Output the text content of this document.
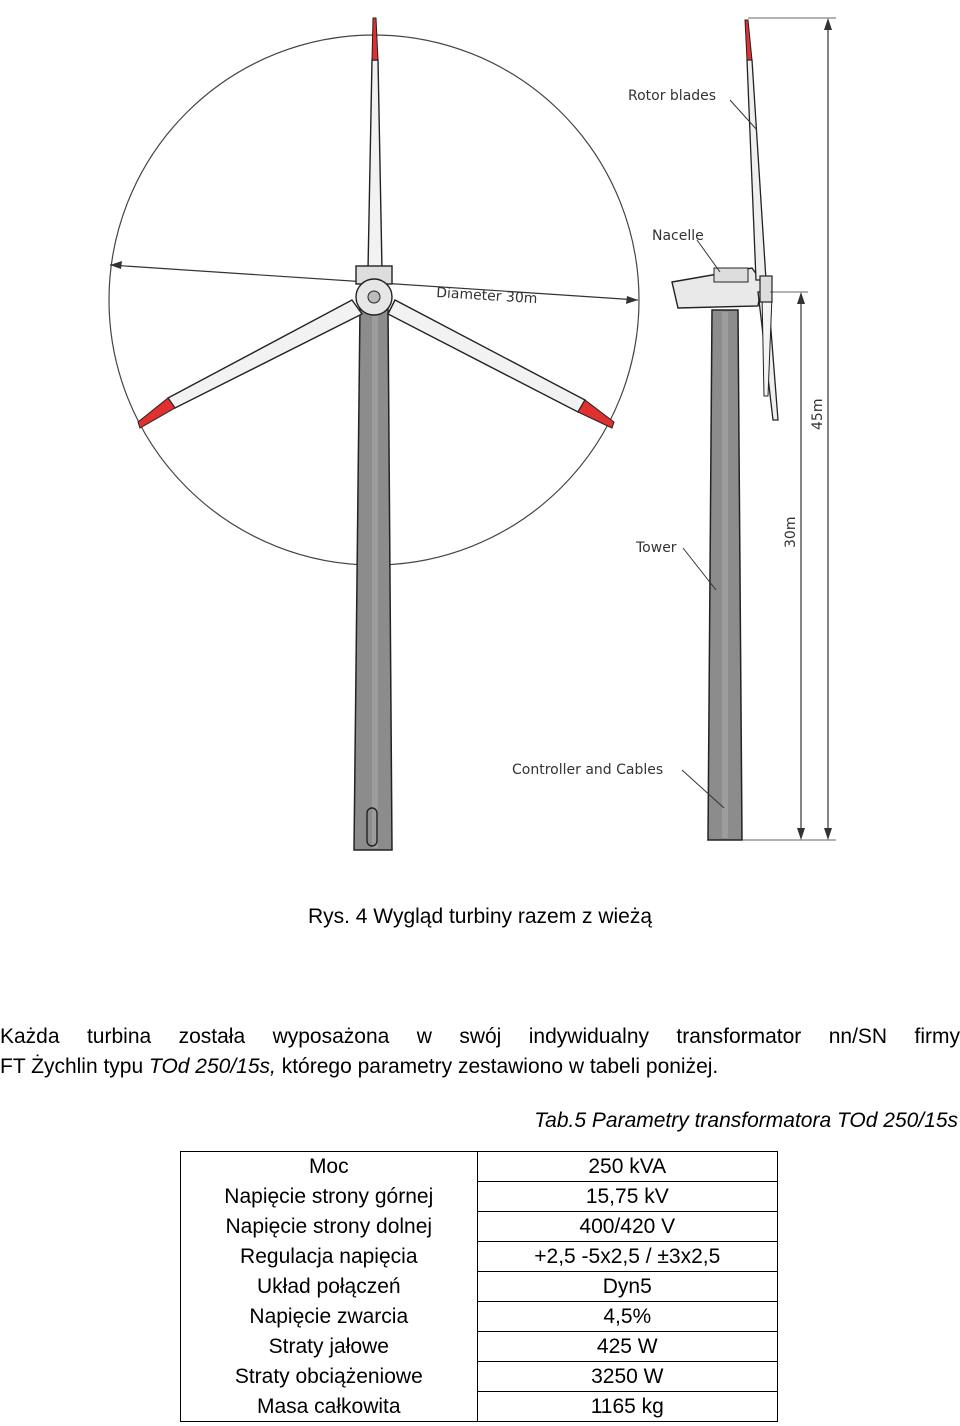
Diameter 30m
Rotor blades
Nacelle
Tower
Controller and Cables
45m
30m
Rys. 4 Wygląd turbiny razem z wieżą
Każda turbina została wyposażona w swój indywidualny transformator nn/SN firmy
FT Żychlin typu TOd 250/15s, którego parametry zestawiono w tabeli poniżej.
Tab.5 Parametry transformatora TOd 250/15s
Moc	250 kVA
Napięcie strony górnej	15,75 kV
Napięcie strony dolnej	400/420 V
Regulacja napięcia	+2,5 -5x2,5 / ±3x2,5
Układ połączeń	Dyn5
Napięcie zwarcia	4,5%
Straty jałowe	425 W
Straty obciążeniowe	3250 W
Masa całkowita	1165 kg
